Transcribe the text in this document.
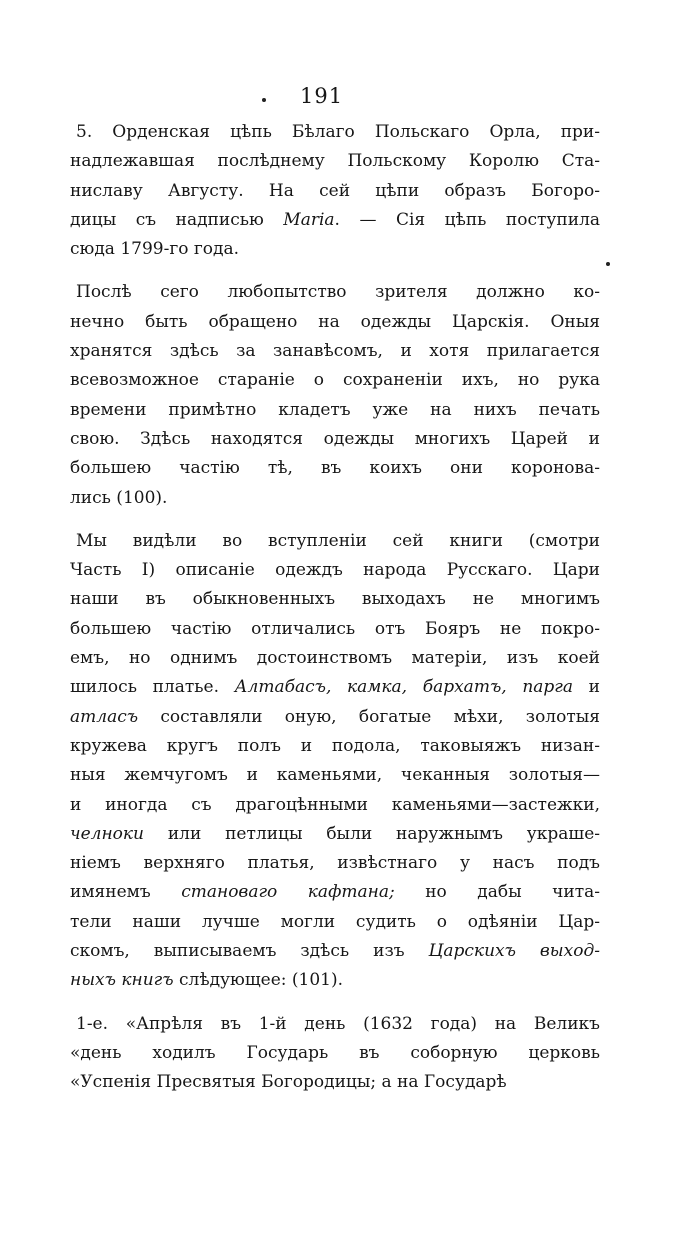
191
5. Орденская цѣпь Бѣлаго Польскаго Орла, при-
надлежавшая послѣднему Польскому Королю Ста-
ниславу Августу. На сей цѣпи образъ Богоро-
дицы съ надписью Maria. — Сія цѣпь поступила
сюда 1799-го года.
Послѣ сего любопытство зрителя должно ко-
нечно быть обращено на одежды Царскія. Оныя
хранятся здѣсь за занавѣсомъ, и хотя прилагается
всевозможное стараніе о сохраненіи ихъ, но рука
времени примѣтно кладетъ уже на нихъ печать
свою. Здѣсь находятся одежды многихъ Царей и
большею частію тѣ, въ коихъ они короновa-
лись (100).
Мы видѣли во вступленіи сей книги (смотри
Часть I) описаніе одеждъ народа Русскаго. Цари
наши въ обыкновенныхъ выходахъ не многимъ
большею частію отличались отъ Бояръ не покро-
емъ, но однимъ достоинствомъ матеріи, изъ коей
шилось платье. Алтабасъ, камка, бархатъ, парга и
атласъ составляли оную, богатые мѣхи, золотыя
кружева кругъ полъ и подола, таковыяжъ низан-
ныя жемчугомъ и каменьями, чеканныя золотыя—
и иногда съ драгоцѣнными каменьями—застежки,
челноки или петлицы были наружнымъ украше-
ніемъ верхняго платья, извѣстнаго у насъ подъ
имянемъ становаго кафтана; но дабы чита-
тели наши лучше могли судить о одѣяніи Цар-
скомъ, выписываемъ здѣсь изъ Царскихъ выход-
ныхъ книгъ слѣдующее: (101).
1-е. «Апрѣля въ 1-й день (1632 года) на Великъ
«день ходилъ Государь въ соборную церковь
«Успенія Пресвятыя Богородицы; а на Государѣ
